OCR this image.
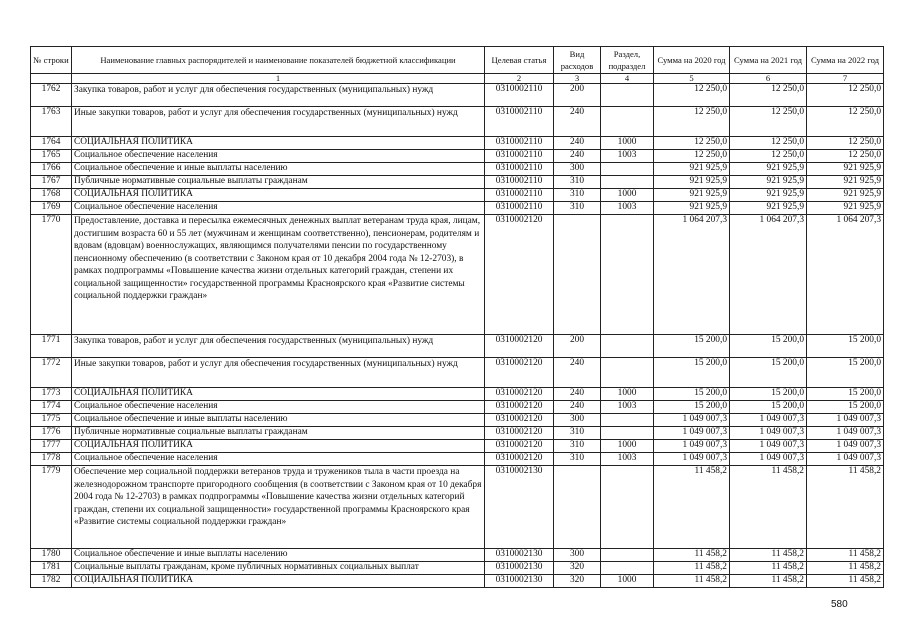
№ строки	Наименование главных распорядителей и наименование показателей бюджетной классификации	Целевая статья	Вид расходов	Раздел, подраздел	Сумма на 2020 год	Сумма на 2021 год	Сумма на 2022 год
	1	2	3	4	5	6	7
1762	Закупка товаров, работ и услуг для обеспечения государственных (муниципальных) нужд	0310002110	200		12 250,0	12 250,0	12 250,0
1763	Иные закупки товаров, работ и услуг для обеспечения государственных (муниципальных) нужд	0310002110	240		12 250,0	12 250,0	12 250,0
1764	СОЦИАЛЬНАЯ ПОЛИТИКА	0310002110	240	1000	12 250,0	12 250,0	12 250,0
1765	Социальное обеспечение населения	0310002110	240	1003	12 250,0	12 250,0	12 250,0
1766	Социальное обеспечение и иные выплаты населению	0310002110	300		921 925,9	921 925,9	921 925,9
1767	Публичные нормативные социальные выплаты гражданам	0310002110	310		921 925,9	921 925,9	921 925,9
1768	СОЦИАЛЬНАЯ ПОЛИТИКА	0310002110	310	1000	921 925,9	921 925,9	921 925,9
1769	Социальное обеспечение населения	0310002110	310	1003	921 925,9	921 925,9	921 925,9
1770	Предоставление, доставка и пересылка ежемесячных денежных выплат ветеранам труда края, лицам, достигшим возраста 60 и 55 лет (мужчинам и женщинам соответственно), пенсионерам, родителям и вдовам (вдовцам) военнослужащих, являющимся получателями пенсии по государственному пенсионному обеспечению (в соответствии с Законом края от 10 декабря 2004 года № 12-2703), в рамках подпрограммы «Повышение качества жизни отдельных категорий граждан, степени их социальной защищенности» государственной программы Красноярского края «Развитие системы социальной поддержки граждан»	0310002120			1 064 207,3	1 064 207,3	1 064 207,3
1771	Закупка товаров, работ и услуг для обеспечения государственных (муниципальных) нужд	0310002120	200		15 200,0	15 200,0	15 200,0
1772	Иные закупки товаров, работ и услуг для обеспечения государственных (муниципальных) нужд	0310002120	240		15 200,0	15 200,0	15 200,0
1773	СОЦИАЛЬНАЯ ПОЛИТИКА	0310002120	240	1000	15 200,0	15 200,0	15 200,0
1774	Социальное обеспечение населения	0310002120	240	1003	15 200,0	15 200,0	15 200,0
1775	Социальное обеспечение и иные выплаты населению	0310002120	300		1 049 007,3	1 049 007,3	1 049 007,3
1776	Публичные нормативные социальные выплаты гражданам	0310002120	310		1 049 007,3	1 049 007,3	1 049 007,3
1777	СОЦИАЛЬНАЯ ПОЛИТИКА	0310002120	310	1000	1 049 007,3	1 049 007,3	1 049 007,3
1778	Социальное обеспечение населения	0310002120	310	1003	1 049 007,3	1 049 007,3	1 049 007,3
1779	Обеспечение мер социальной поддержки ветеранов труда и тружеников тыла в части проезда на железнодорожном транспорте пригородного сообщения (в соответствии с Законом края от 10 декабря 2004 года № 12-2703) в рамках подпрограммы «Повышение качества жизни отдельных категорий граждан, степени их социальной защищенности» государственной программы Красноярского края «Развитие системы социальной поддержки граждан»	0310002130			11 458,2	11 458,2	11 458,2
1780	Социальное обеспечение и иные выплаты населению	0310002130	300		11 458,2	11 458,2	11 458,2
1781	Социальные выплаты гражданам, кроме публичных нормативных социальных выплат	0310002130	320		11 458,2	11 458,2	11 458,2
1782	СОЦИАЛЬНАЯ ПОЛИТИКА	0310002130	320	1000	11 458,2	11 458,2	11 458,2
580
